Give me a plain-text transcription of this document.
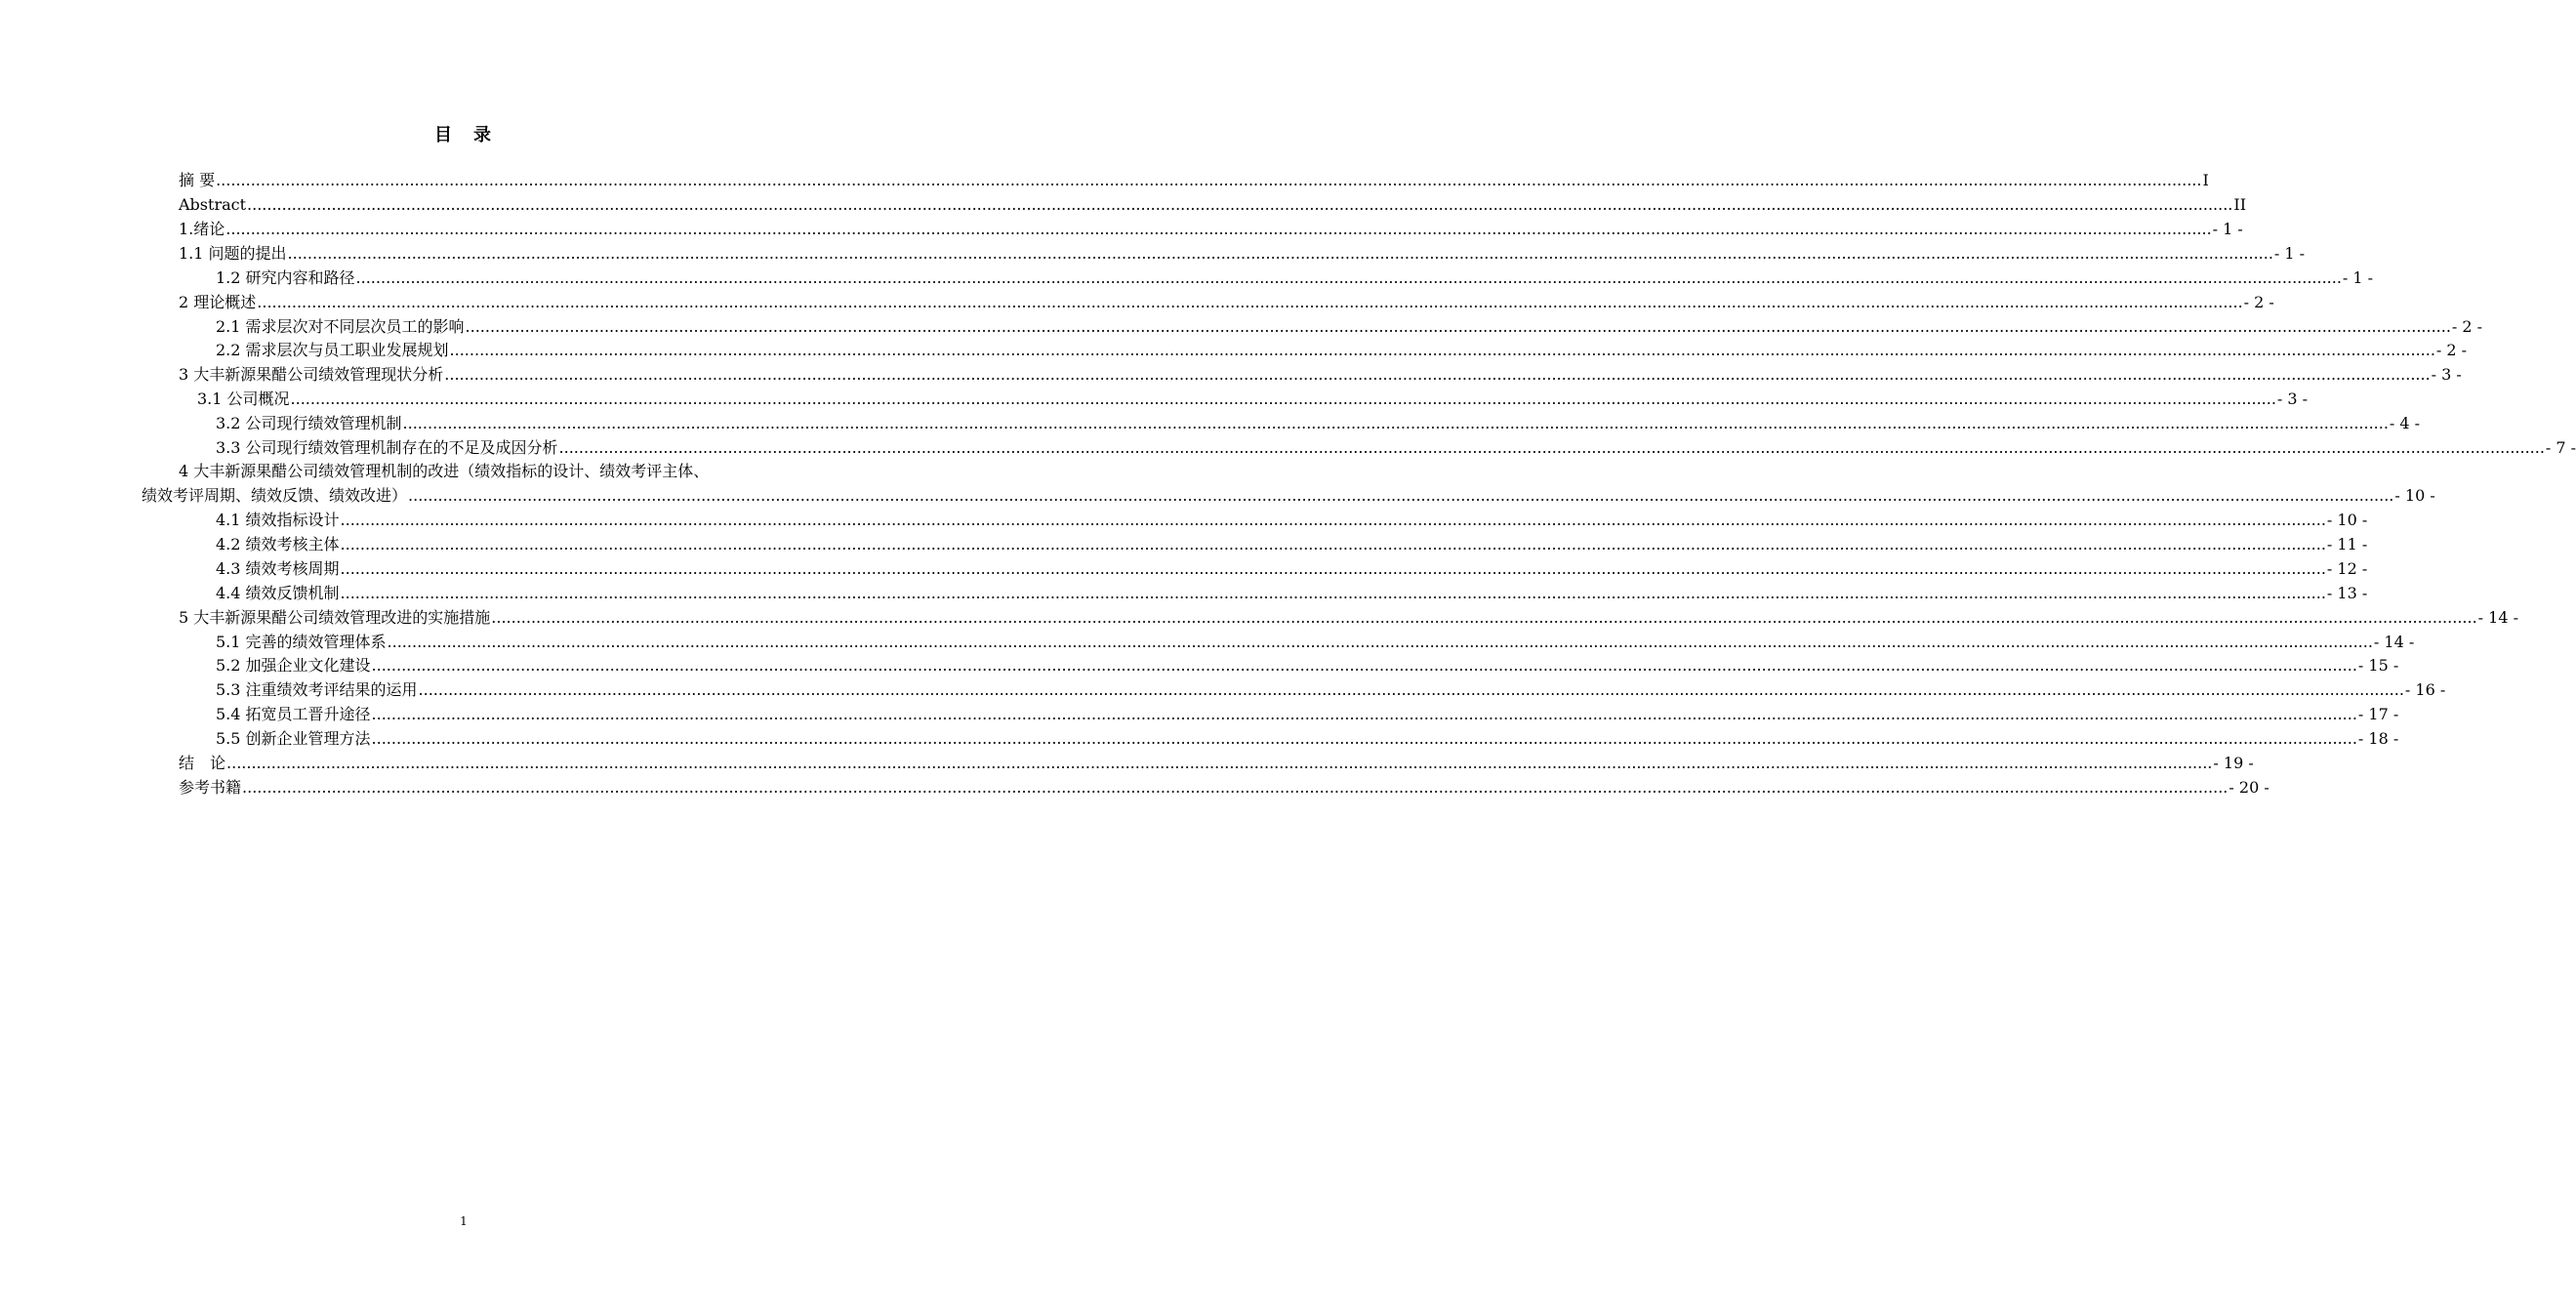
目　录
摘 要 ................................................................................................................................................................................................................................................................................................................................................................................................................ I
Abstract ................................................................................................................................................................................................................................................................................................................................................................................................................ II
1.绪论 ................................................................................................................................................................................................................................................................................................................................................................................................................ - 1 -
1.1 问题的提出 ................................................................................................................................................................................................................................................................................................................................................................................................................ - 1 -
1.2 研究内容和路径 ................................................................................................................................................................................................................................................................................................................................................................................................................ - 1 -
2 理论概述 ................................................................................................................................................................................................................................................................................................................................................................................................................ - 2 -
2.1 需求层次对不同层次员工的影响 ................................................................................................................................................................................................................................................................................................................................................................................................................ - 2 -
2.2 需求层次与员工职业发展规划 ................................................................................................................................................................................................................................................................................................................................................................................................................ - 2 -
3 大丰新源果醋公司绩效管理现状分析 ................................................................................................................................................................................................................................................................................................................................................................................................................ - 3 -
3.1 公司概况 ................................................................................................................................................................................................................................................................................................................................................................................................................ - 3 -
3.2 公司现行绩效管理机制 ................................................................................................................................................................................................................................................................................................................................................................................................................ - 4 -
3.3 公司现行绩效管理机制存在的不足及成因分析 ................................................................................................................................................................................................................................................................................................................................................................................................................ - 7 -
4 大丰新源果醋公司绩效管理机制的改进（绩效指标的设计、绩效考评主体、
绩效考评周期、绩效反馈、绩效改进） ................................................................................................................................................................................................................................................................................................................................................................................................................ - 10 -
4.1 绩效指标设计 ................................................................................................................................................................................................................................................................................................................................................................................................................ - 10 -
4.2 绩效考核主体 ................................................................................................................................................................................................................................................................................................................................................................................................................ - 11 -
4.3 绩效考核周期 ................................................................................................................................................................................................................................................................................................................................................................................................................ - 12 -
4.4 绩效反馈机制 ................................................................................................................................................................................................................................................................................................................................................................................................................ - 13 -
5 大丰新源果醋公司绩效管理改进的实施措施 ................................................................................................................................................................................................................................................................................................................................................................................................................ - 14 -
5.1 完善的绩效管理体系 ................................................................................................................................................................................................................................................................................................................................................................................................................ - 14 -
5.2 加强企业文化建设 ................................................................................................................................................................................................................................................................................................................................................................................................................ - 15 -
5.3 注重绩效考评结果的运用 ................................................................................................................................................................................................................................................................................................................................................................................................................ - 16 -
5.4 拓宽员工晋升途径 ................................................................................................................................................................................................................................................................................................................................................................................................................ - 17 -
5.5 创新企业管理方法 ................................................................................................................................................................................................................................................................................................................................................................................................................ - 18 -
结　论 ................................................................................................................................................................................................................................................................................................................................................................................................................ - 19 -
参考书籍 ................................................................................................................................................................................................................................................................................................................................................................................................................ - 20 -
1
